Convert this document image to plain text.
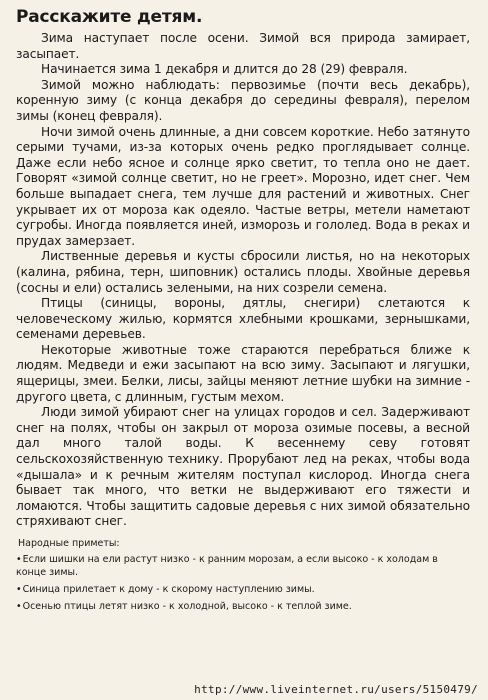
Расскажите детям.

Зима наступает после осени. Зимой вся природа замирает, засыпает.

Начинается зима 1 декабря и длится до 28 (29) февраля.

Зимой можно наблюдать: первозимье (почти весь декабрь), коренную зиму (с конца декабря до середины февраля), перелом зимы (конец февраля).

Ночи зимой очень длинные, а дни совсем короткие. Небо затянуто серыми тучами, из-за которых очень редко проглядывает солнце. Даже если небо ясное и солнце ярко светит, то тепла оно не дает. Говорят «зимой солнце светит, но не греет». Морозно, идет снег. Чем больше выпадает снега, тем лучше для растений и животных. Снег укрывает их от мороза как одеяло. Частые ветры, метели наметают сугробы. Иногда появляется иней, изморозь и гололед. Вода в реках и прудах замерзает.

Лиственные деревья и кусты сбросили листья, но на некоторых (калина, рябина, терн, шиповник) остались плоды. Хвойные деревья (сосны и ели) остались зелеными, на них созрели семена.

Птицы (синицы, вороны, дятлы, снегири) слетаются к человеческому жилью, кормятся хлебными крошками, зернышками, семенами деревьев.

Некоторые животные тоже стараются перебраться ближе к людям. Медведи и ежи засыпают на всю зиму. Засыпают и лягушки, ящерицы, змеи. Белки, лисы, зайцы меняют летние шубки на зимние - другого цвета, с длинным, густым мехом.

Люди зимой убирают снег на улицах городов и сел. Задерживают снег на полях, чтобы он закрыл от мороза озимые посевы, а весной дал много талой воды. К весеннему севу готовят сельскохозяйственную технику. Прорубают лед на реках, чтобы вода «дышала» и к речным жителям поступал кислород. Иногда снега бывает так много, что ветки не выдерживают его тяжести и ломаются. Чтобы защитить садовые деревья с них зимой обязательно стряхивают снег.

Народные приметы:
•Если шишки на ели растут низко - к ранним морозам, а если высоко - к холодам в конце зимы.
•Синица прилетает к дому - к скорому наступлению зимы.
•Осенью птицы летят низко - к холодной, высоко - к теплой зиме.
http://www.liveinternet.ru/users/5150479/
